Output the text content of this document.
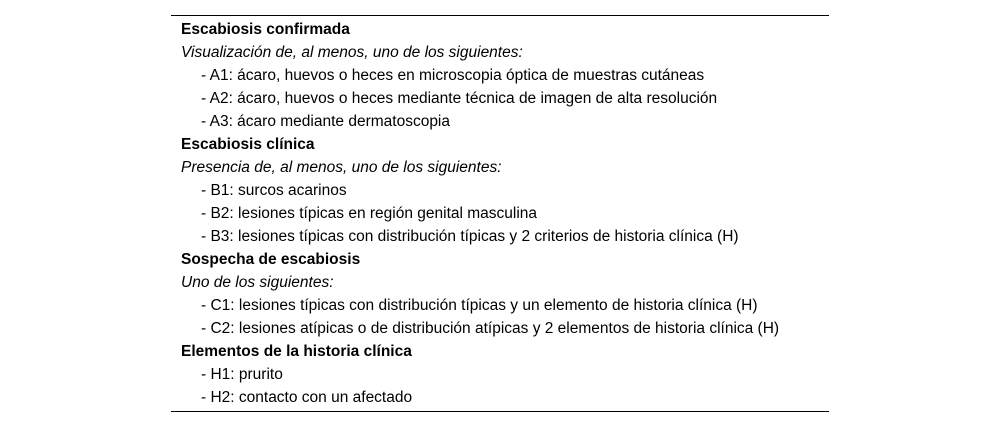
Escabiosis confirmada
Visualización de, al menos, uno de los siguientes:
- A1: ácaro, huevos o heces en microscopia óptica de muestras cutáneas
- A2: ácaro, huevos o heces mediante técnica de imagen de alta resolución
- A3: ácaro mediante dermatoscopia
Escabiosis clínica
Presencia de, al menos, uno de los siguientes:
- B1: surcos acarinos
- B2: lesiones típicas en región genital masculina
- B3: lesiones típicas con distribución típicas y 2 criterios de historia clínica (H)
Sospecha de escabiosis
Uno de los siguientes:
- C1: lesiones típicas con distribución típicas y un elemento de historia clínica (H)
- C2: lesiones atípicas o de distribución atípicas y 2 elementos de historia clínica (H)
Elementos de la historia clínica
- H1: prurito
- H2: contacto con un afectado
